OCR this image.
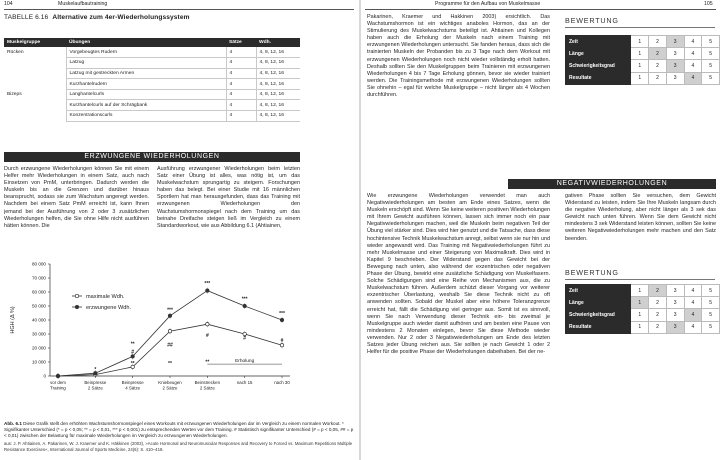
104	Muskelaufbautraining	Programme für den Aufbau von Muskelmasse	105
TABELLE 6.16 Alternative zum 4er-Wiederholungssystem
Muskelgruppe	Übungen	Sätze	Wdh.
Rücken	Vorgebeugtes Rudern	4	4, 8, 12, 16
	Latzug	4	4, 8, 12, 16
	Latzug mit gestreckten Armen	4	4, 8, 12, 16
	Kurzhantelrudern	4	4, 8, 12, 16
Bizeps	Langhantelcurls	4	4, 8, 12, 16
	Kurzhantelcurls auf der Schrägbank	4	4, 8, 12, 16
	Konzentrationscurls	4	4, 8, 12, 16
ERZWUNGENE WIEDERHOLUNGEN

Durch erzwungene Wiederholungen können Sie mit einem Helfer mehr Wiederholungen in einem Satz, auch nach Einsetzen von PmM, unterbringen. Dadurch werden die Muskeln bis an die Grenzen und darüber hinaus beansprucht, sodass sie zum Wachstum angeregt werden. Nachdem bei einem Satz PmM erreicht ist, kann Ihnen jemand bei der Ausführung von 2 oder 3 zusätzlichen Wiederholungen helfen, die Sie ohne Hilfe nicht ausführen hätten können. Die

Ausführung erzwungener Wiederholungen beim letzten Satz einer Übung ist alles, was nötig ist, um das Muskelwachstum sprungartig zu steigern. Forschungen haben das belegt. Bei einer Studie mit 16 männlichen Sportlern hat man herausgefunden, dass das Training mit erzwungenen Wiederholungen den Wachstumshormonspiegel nach dem Training um das beinahe Dreifache steigen ließ im Vergleich zu einem Standardworkout, wie aus Abbildung 6.1 (Ahtiainen,

80 000
70 000
60 000
50 000
40 000
30 000
20 000
10 000
0
HGH (Δ %)
vor dem
Training
Beinpresse
2 Sätze
Beinpresse
4 Sätze
Kniebeugen
2 Sätze
Beinstrecken
2 Sätze
nach 15	nach 30
Erholung
maximale Wdh.
erzwungene Wdh.
*
**
#
**
***
##
**
***
#
**
***
#
***
#
Abb. 6.1 Diese Grafik stellt den erhöhten Wachstumshormonspiegel eines Workouts mit erzwungenen Wiederholungen dar im Vergleich zu einem normalen Workout. * Signifikanter Unterschied (* = p < 0,05; ** = p < 0,01, *** p < 0,001) zu entsprechenden Werten vor dem Training. # Statistisch signifikanter Unterschied (# = p < 0,05, ## = p < 0,01) zwischen der Belastung für maximale Wiederholungen im Vergleich zu erzwungenen Wiederholungen.
aus: J. P. Ahtiainen, A. Pakarinen, W. J. Kraemer und K. Häkkinen (2003), »Acute Hormonal and Neuromuscular Responses and Recovery to Forced vs. Maximum Repetitions Multiple Resistance Exercises«, International Journal of Sports Medicine, 24(6): S. 410–418.

Pakarinen, Kraemer und Hakkinen 2003) ersichtlich. Das Wachstumshormon ist ein wichtiges anaboles Hormon, das an der Stimulierung des Muskelwachstums beteiligt ist. Ahtiainen und Kollegen haben auch die Erholung der Muskeln nach einem Training mit erzwungenen Wiederholungen untersucht. Sie fanden heraus, dass sich die trainierten Muskeln der Probanden bis zu 3 Tage nach dem Workout mit erzwungenen Wiederholungen noch nicht wieder vollständig erholt hatten. Deshalb sollten Sie den Muskelgruppen beim Trainieren mit erzwungenen Wiederholungen 4 bis 7 Tage Erholung gönnen, bevor sie wieder trainiert werden. Die Trainingsmethode mit erzwungenen Wiederholungen sollten Sie ohnehin – egal für welche Muskelgruppe – nicht länger als 4 Wochen durchführen.

BEWERTUNG
Zeit	1	2	3	4	5
Länge	1	2	3	4	5
Schwierigkeitsgrad	1	2	3	4	5
Resultate	1	2	3	4	5
NEGATIVWIEDERHOLUNGEN

Wie erzwungene Wiederholungen verwendet man auch Negativwiederholungen am besten am Ende eines Satzes, wenn die Muskeln erschöpft sind. Wenn Sie keine weiteren positiven Wiederholungen mit Ihrem Gewicht ausführen können, lassen sich immer noch ein paar Negativwiederholungen machen, weil die Muskeln beim negativen Teil der Übung viel stärker sind. Dies wird hier genutzt und die Tatsache, dass diese hochintensive Technik Muskelwachstum anregt, selbst wenn sie nur hin und wieder angewandt wird. Das Training mit Negativwiederholungen führt zu mehr Muskelmasse und einer Steigerung von Maximalkraft. Dies wird in Kapitel 9 beschrieben. Der Widerstand gegen das Gewicht bei der Bewegung nach unten, also während der exzentrischen oder negativen Phase der Übung, bewirkt eine zusätzliche Schädigung von Muskelfasern. Solche Schädigungen sind eine Reihe von Mechanismen aus, die zu Muskelwachstum führen. Außerdem schützt dieser Vorgang vor weiterer exzentrischer Überlastung, weshalb Sie diese Technik nicht zu oft anwenden sollten. Sobald der Muskel aber eine höhere Toleranzgrenze erreicht hat, fällt die Schädigung viel geringer aus. Somit ist es sinnvoll, wenn Sie nach Verwendung dieser Technik ein- bis zweimal je Muskelgruppe auch wieder damit aufhören und am besten eine Pause von mindestens 2 Monaten einlegen, bevor Sie diese Methode wieder verwenden. Nur 2 oder 3 Negativwiederholungen am Ende des letzten Satzes jeder Übung reichen aus. Sie sollten je nach Gewicht 1 oder 2 Helfer für die positive Phase der Wiederholungen dabeihaben. Bei der ne-

gativen Phase sollten Sie versuchen, dem Gewicht Widerstand zu leisten, indem Sie Ihre Muskeln langsam durch die negative Wiederholung, aber nicht länger als 3 sek das Gewicht nach unten führen. Wenn Sie dem Gewicht nicht mindestens 3 sek Widerstand leisten können, sollten Sie keine weiteren Negativwiederholungen mehr machen und den Satz beenden.

BEWERTUNG
Zeit	1	2	3	4	5
Länge	1	2	3	4	5
Schwierigkeitsgrad	1	2	3	4	5
Resultate	1	2	3	4	5
